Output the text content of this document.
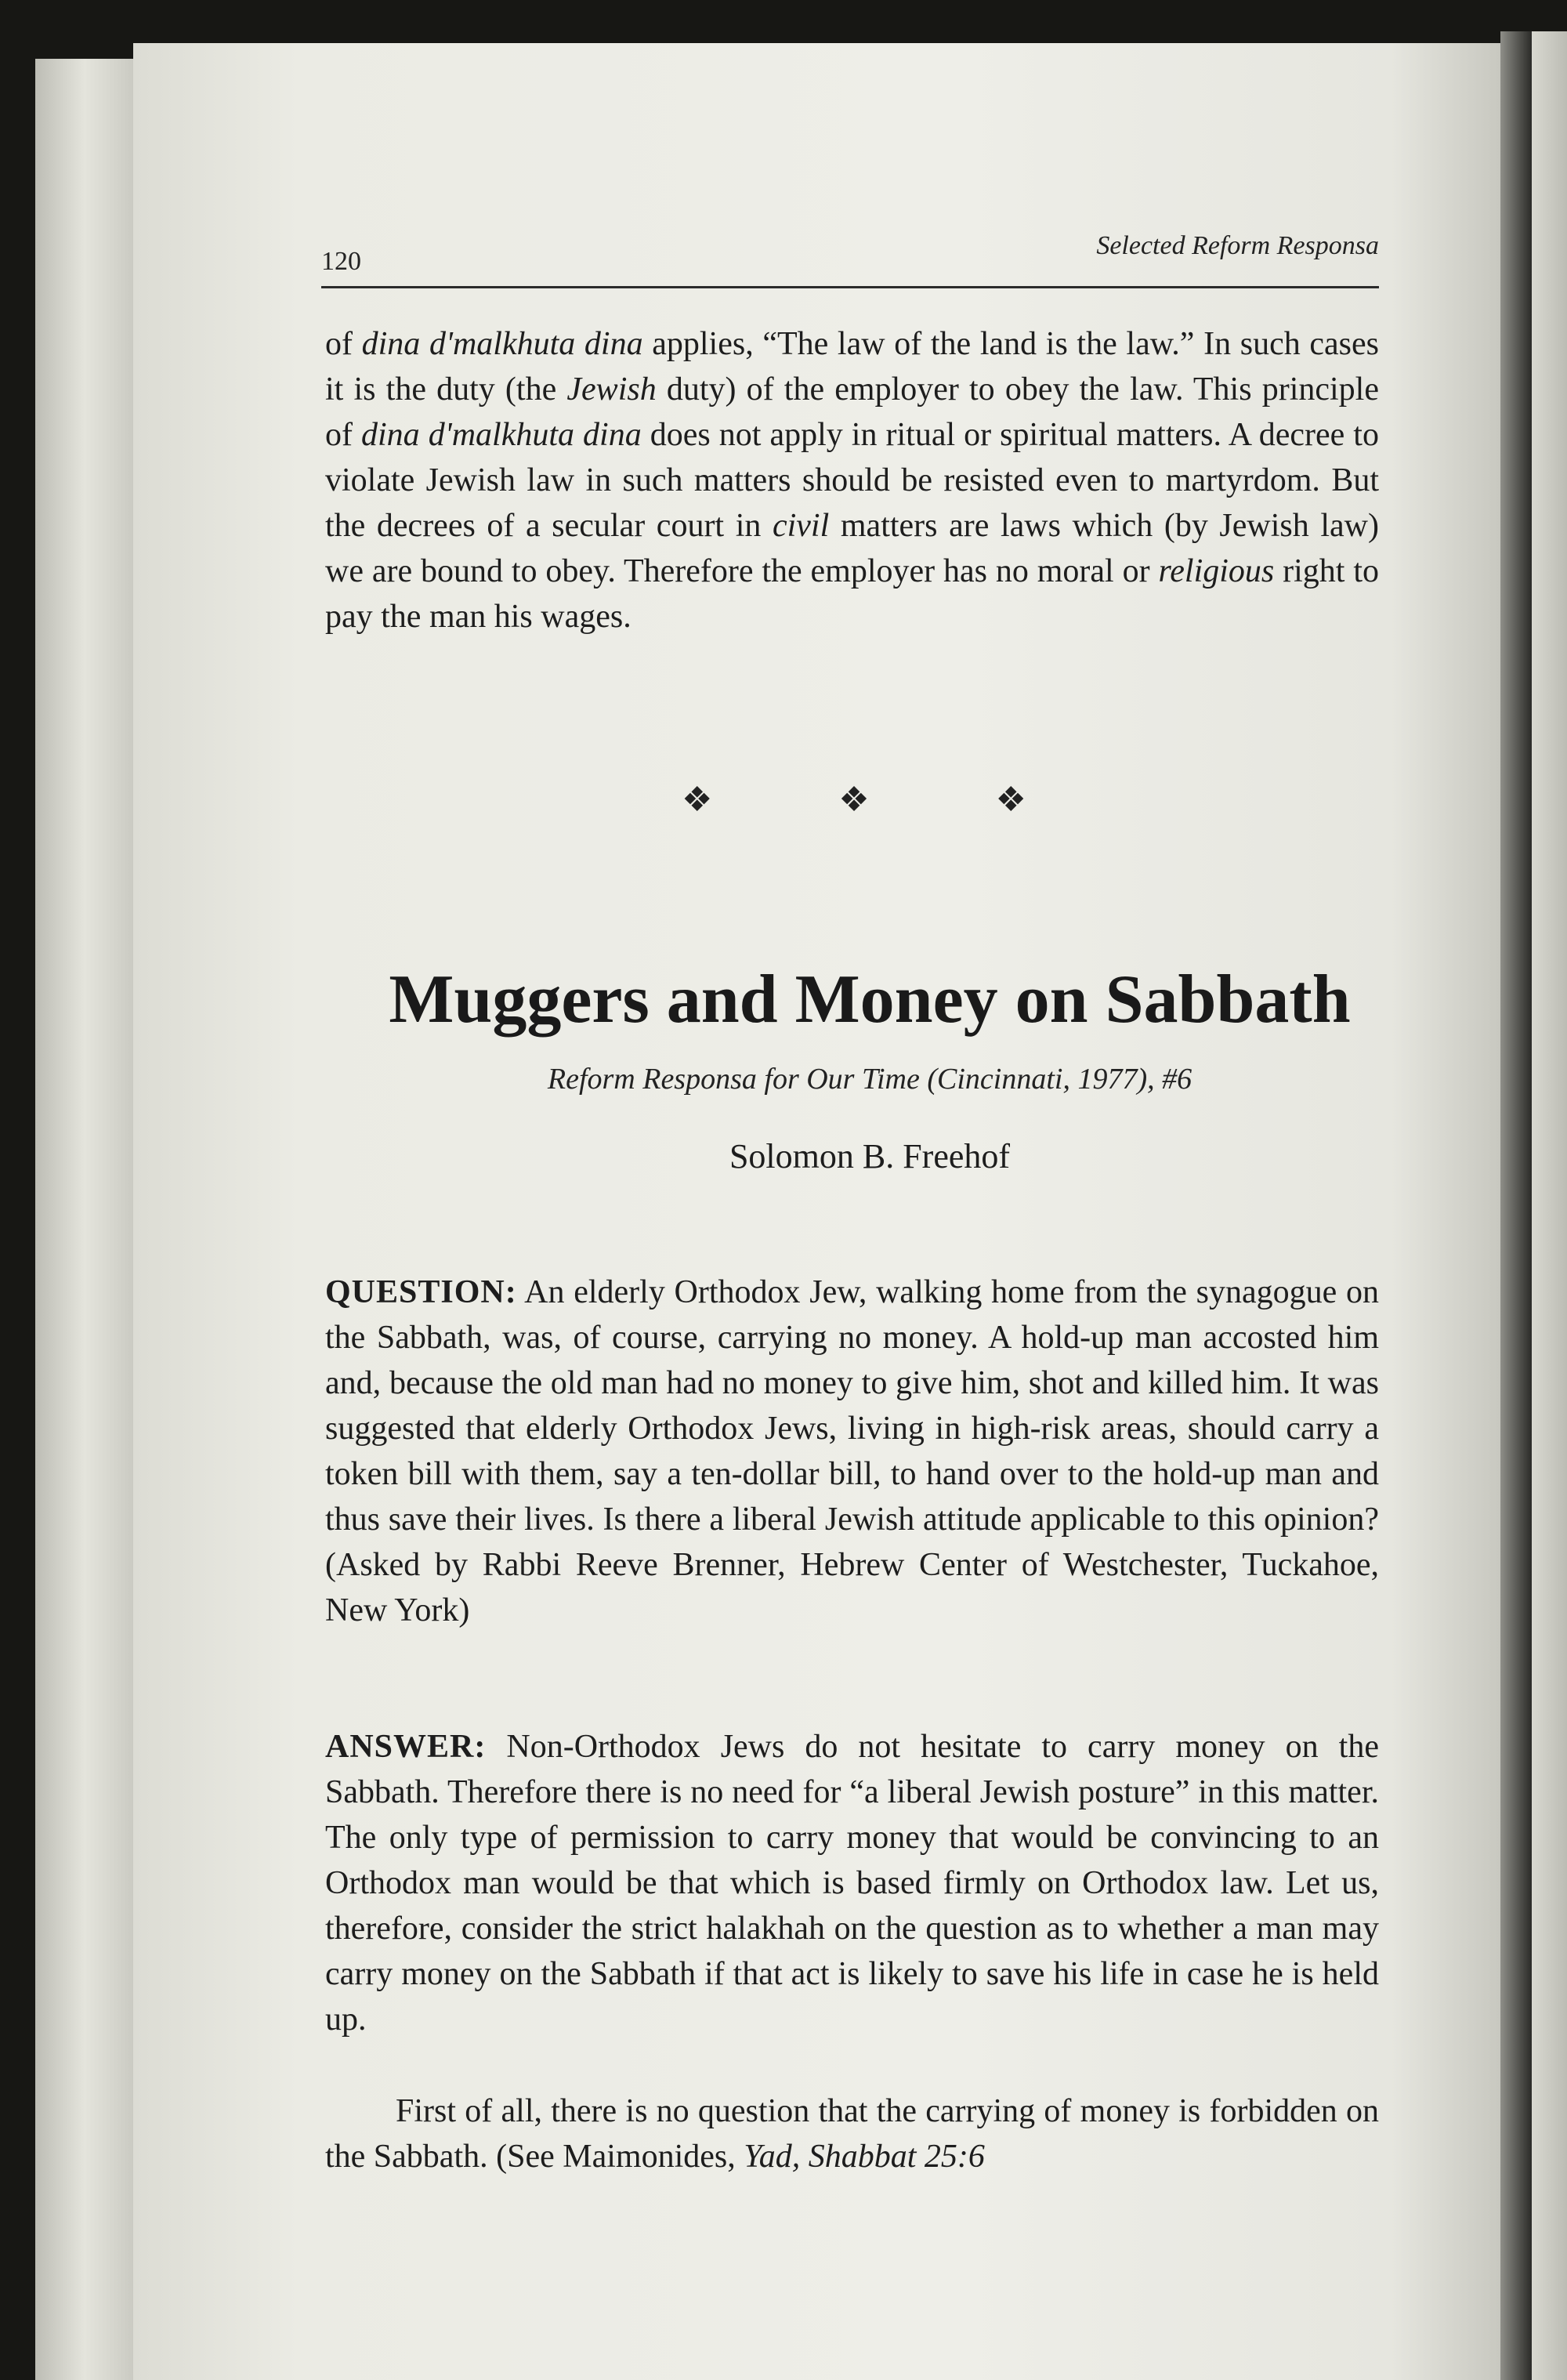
120
Selected Reform Responsa

of dina d'malkhuta dina applies, “The law of the land is the law.” In such cases it is the duty (the Jewish duty) of the employer to obey the law. This principle of dina d'malkhuta dina does not apply in ritual or spiritual matters. A decree to violate Jewish law in such matters should be resisted even to martyrdom. But the decrees of a secular court in civil matters are laws which (by Jewish law) we are bound to obey. Therefore the employer has no moral or religious right to pay the man his wages.

❖	❖	❖
Muggers and Money on Sabbath
Reform Responsa for Our Time (Cincinnati, 1977), #6
Solomon B. Freehof

QUESTION: An elderly Orthodox Jew, walking home from the synagogue on the Sabbath, was, of course, carrying no money. A hold-up man accosted him and, because the old man had no money to give him, shot and killed him. It was suggested that elderly Orthodox Jews, living in high-risk areas, should carry a token bill with them, say a ten-dollar bill, to hand over to the hold-up man and thus save their lives. Is there a liberal Jewish attitude applicable to this opinion? (Asked by Rabbi Reeve Brenner, Hebrew Center of Westchester, Tuckahoe, New York)

ANSWER: Non-Orthodox Jews do not hesitate to carry money on the Sabbath. Therefore there is no need for “a liberal Jewish posture” in this matter. The only type of permission to carry money that would be convincing to an Orthodox man would be that which is based firmly on Orthodox law. Let us, therefore, consider the strict halakhah on the question as to whether a man may carry money on the Sabbath if that act is likely to save his life in case he is held up.

First of all, there is no question that the carrying of money is forbidden on the Sabbath. (See Maimonides, Yad, Shabbat 25:6
